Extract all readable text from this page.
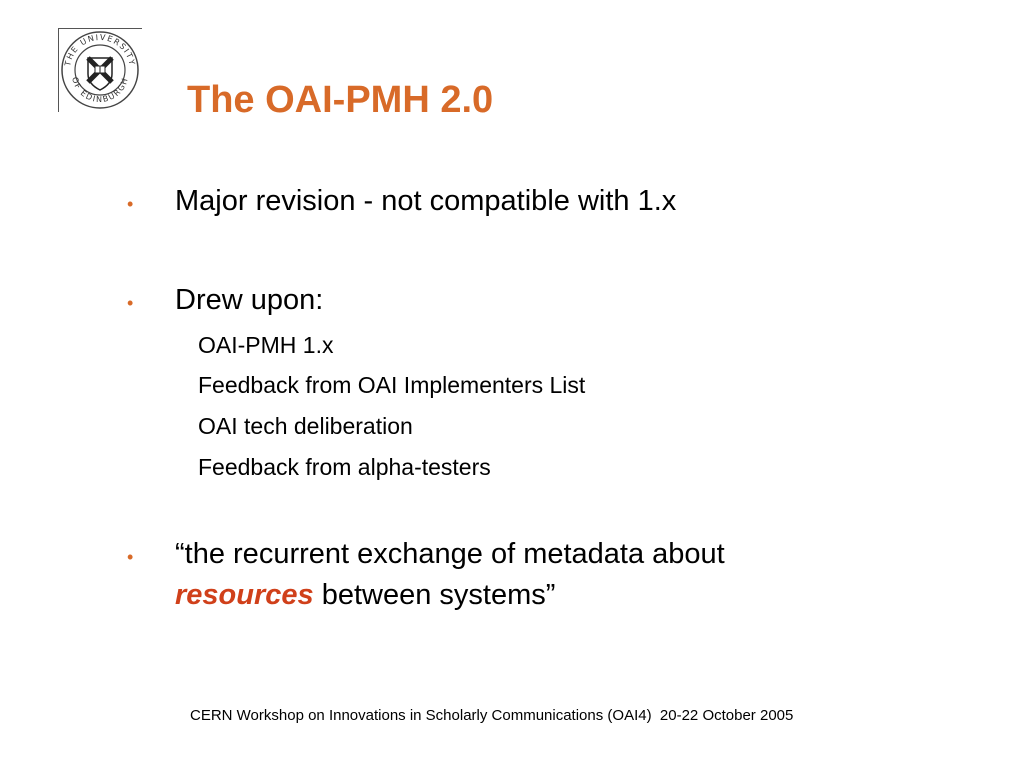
THE UNIVERSITY
OF EDINBURGH The OAI-PMH 2.0
• Major revision - not compatible with 1.x
• Drew upon:
OAI-PMH 1.x
Feedback from OAI Implementers List
OAI tech deliberation
Feedback from alpha-testers
• “the recurrent exchange of metadata about
resources between systems”
CERN Workshop on Innovations in Scholarly Communications (OAI4)  20-22 October 2005
